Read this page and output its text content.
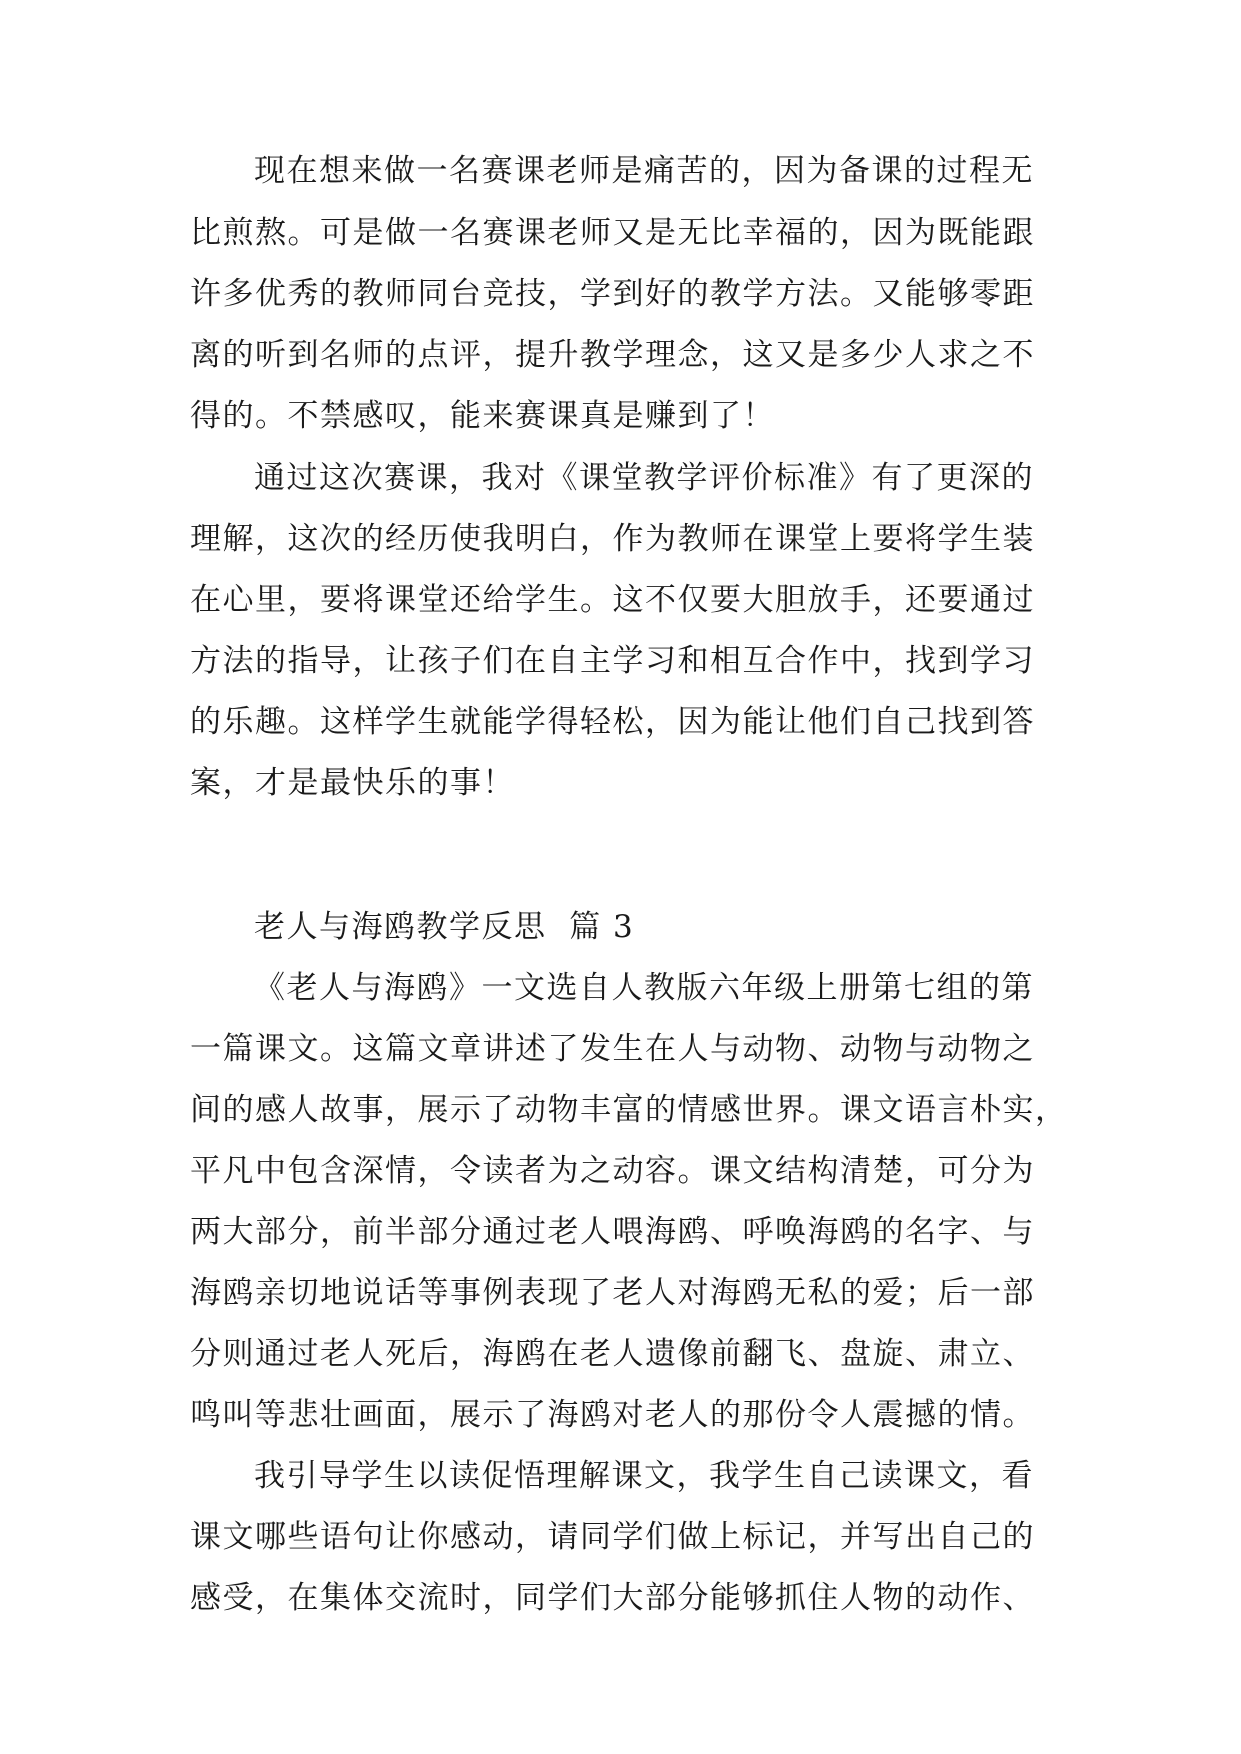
现在想来做一名赛课老师是痛苦的，因为备课的过程无
比煎熬。可是做一名赛课老师又是无比幸福的，因为既能跟
许多优秀的教师同台竞技，学到好的教学方法。又能够零距
离的听到名师的点评，提升教学理念，这又是多少人求之不
得的。不禁感叹，能来赛课真是赚到了！
通过这次赛课，我对《课堂教学评价标准》有了更深的
理解，这次的经历使我明白，作为教师在课堂上要将学生装
在心里，要将课堂还给学生。这不仅要大胆放手，还要通过
方法的指导，让孩子们在自主学习和相互合作中，找到学习
的乐趣。这样学生就能学得轻松，因为能让他们自己找到答
案，才是最快乐的事！
老人与海鸥教学反思  篇 3
《老人与海鸥》一文选自人教版六年级上册第七组的第
一篇课文。这篇文章讲述了发生在人与动物、动物与动物之
间的感人故事，展示了动物丰富的情感世界。课文语言朴实，
平凡中包含深情，令读者为之动容。课文结构清楚，可分为
两大部分，前半部分通过老人喂海鸥、呼唤海鸥的名字、与
海鸥亲切地说话等事例表现了老人对海鸥无私的爱；后一部
分则通过老人死后，海鸥在老人遗像前翻飞、盘旋、肃立、
鸣叫等悲壮画面，展示了海鸥对老人的那份令人震撼的情。
我引导学生以读促悟理解课文，我学生自己读课文，看
课文哪些语句让你感动，请同学们做上标记，并写出自己的
感受，在集体交流时，同学们大部分能够抓住人物的动作、
